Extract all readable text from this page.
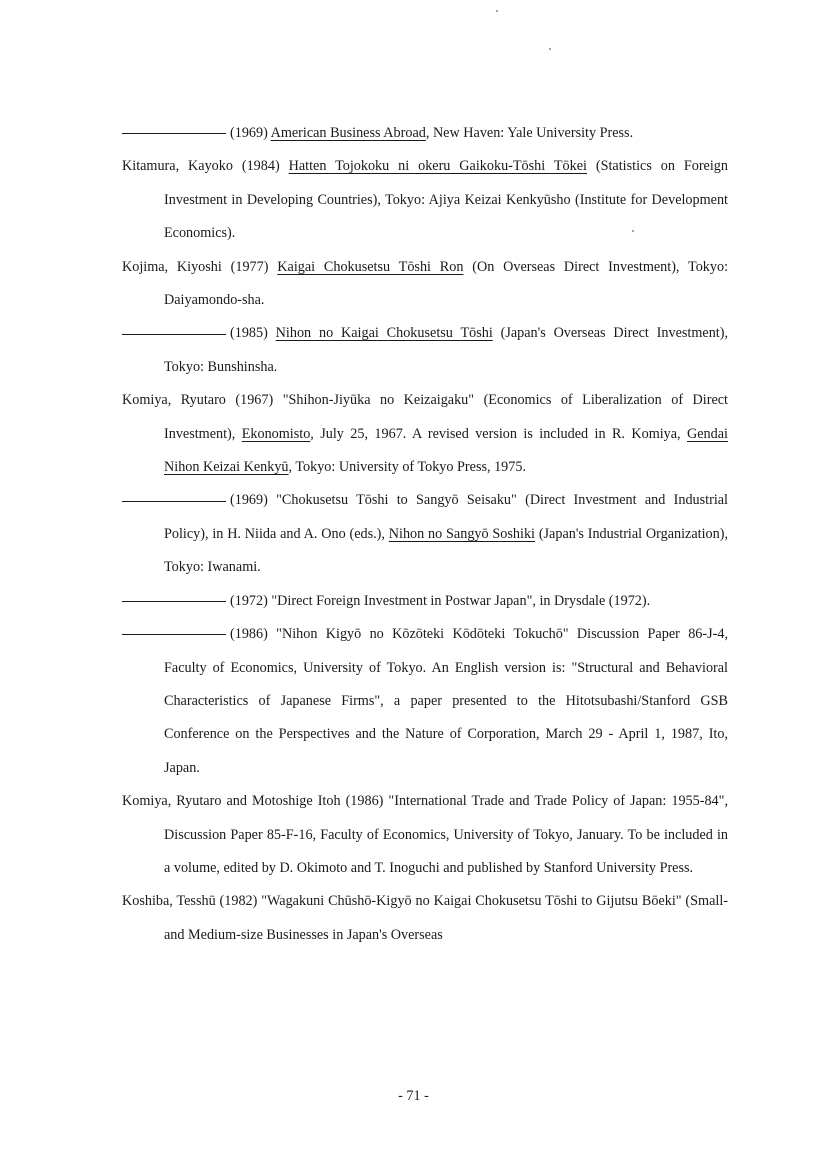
(1969) American Business Abroad, New Haven: Yale University Press.
Kitamura, Kayoko (1984) Hatten Tojokoku ni okeru Gaikoku-Tōshi Tōkei (Statistics on Foreign Investment in Developing Countries), Tokyo: Ajiya Keizai Kenkyūsho (Institute for Development Economics).
Kojima, Kiyoshi (1977) Kaigai Chokusetsu Tōshi Ron (On Overseas Direct Investment), Tokyo: Daiyamondo-sha.
(1985) Nihon no Kaigai Chokusetsu Tōshi (Japan's Overseas Direct Investment), Tokyo: Bunshinsha.
Komiya, Ryutaro (1967) "Shihon-Jiyūka no Keizaigaku" (Economics of Liberalization of Direct Investment), Ekonomisto, July 25, 1967. A revised version is included in R. Komiya, Gendai Nihon Keizai Kenkyū, Tokyo: University of Tokyo Press, 1975.
(1969) "Chokusetsu Tōshi to Sangyō Seisaku" (Direct Investment and Industrial Policy), in H. Niida and A. Ono (eds.), Nihon no Sangyō Soshiki (Japan's Industrial Organization), Tokyo: Iwanami.
(1972) "Direct Foreign Investment in Postwar Japan", in Drysdale (1972).
(1986) "Nihon Kigyō no Kōzōteki Kōdōteki Tokuchō" Discussion Paper 86-J-4, Faculty of Economics, University of Tokyo. An English version is: "Structural and Behavioral Characteristics of Japanese Firms", a paper presented to the Hitotsubashi/Stanford GSB Conference on the Perspectives and the Nature of Corporation, March 29 - April 1, 1987, Ito, Japan.
Komiya, Ryutaro and Motoshige Itoh (1986) "International Trade and Trade Policy of Japan: 1955-84", Discussion Paper 85-F-16, Faculty of Economics, University of Tokyo, January. To be included in a volume, edited by D. Okimoto and T. Inoguchi and published by Stanford University Press.
Koshiba, Tesshū (1982) "Wagakuni Chūshō-Kigyō no Kaigai Chokusetsu Tōshi to Gijutsu Bōeki" (Small- and Medium-size Businesses in Japan's Overseas
- 71 -
